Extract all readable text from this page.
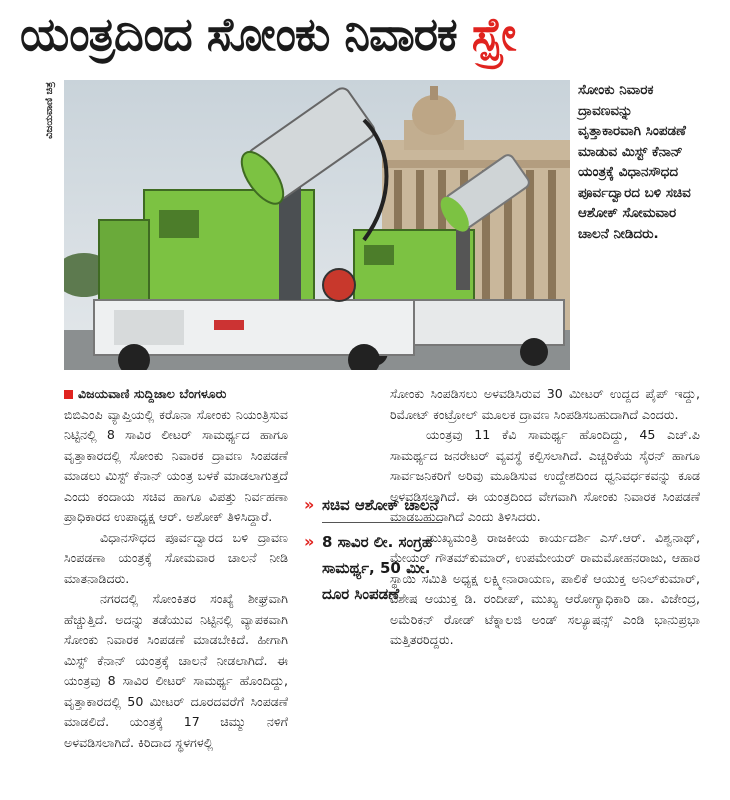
ಯಂತ್ರದಿಂದ ಸೋಂಕು ನಿವಾರಕ ಸ್ಪ್ರೇ
ವಿಜಯವಾಣಿ ಚಿತ್ರ	ಸೋಂಕು ನಿವಾರಕ ದ್ರಾವಣವನ್ನು ವೃತ್ತಾಕಾರವಾಗಿ ಸಿಂಪಡಣೆ ಮಾಡುವ ಮಿಸ್ಟ್ ಕೆನಾನ್ ಯಂತ್ರಕ್ಕೆ ವಿಧಾನಸೌಧದ ಪೂರ್ವದ್ವಾರದ ಬಳಿ ಸಚಿವ ಆಶೋಕ್ ಸೋಮವಾರ ಚಾಲನೆ ನೀಡಿದರು.

ವಿಜಯವಾಣಿ ಸುದ್ದಿಜಾಲ ಬೆಂಗಳೂರು

ಬಿಬಿಎಂಪಿ ವ್ಯಾಪ್ತಿಯಲ್ಲಿ ಕರೊನಾ ಸೋಂಕು ನಿಯಂತ್ರಿಸುವ ನಿಟ್ಟಿನಲ್ಲಿ 8 ಸಾವಿರ ಲೀಟರ್ ಸಾಮರ್ಥ್ಯದ ಹಾಗೂ ವೃತ್ತಾಕಾರದಲ್ಲಿ ಸೋಂಕು ನಿವಾರಕ ದ್ರಾವಣ ಸಿಂಪಡಣೆ ಮಾಡಲು ಮಿಸ್ಟ್ ಕೆನಾನ್ ಯಂತ್ರ ಬಳಕೆ ಮಾಡಲಾಗುತ್ತದೆ ಎಂದು ಕಂದಾಯ ಸಚಿವ ಹಾಗೂ ವಿಪತ್ತು ನಿರ್ವಹಣಾ ಪ್ರಾಧಿಕಾರದ ಉಪಾಧ್ಯಕ್ಷ ಆರ್. ಅಶೋಕ್ ತಿಳಿಸಿದ್ದಾರೆ.

ವಿಧಾನಸೌಧದ ಪೂರ್ವದ್ವಾರದ ಬಳಿ ದ್ರಾವಣ ಸಿಂಪಡಣಾ ಯಂತ್ರಕ್ಕೆ ಸೋಮವಾರ ಚಾಲನೆ ನೀಡಿ ಮಾತನಾಡಿದರು.

ನಗರದಲ್ಲಿ ಸೋಂಕಿತರ ಸಂಖ್ಯೆ ಶೀಘ್ರವಾಗಿ ಹೆಚ್ಚುತ್ತಿದೆ. ಅದನ್ನು ತಡೆಯುವ ನಿಟ್ಟಿನಲ್ಲಿ ವ್ಯಾಪಕವಾಗಿ ಸೋಂಕು ನಿವಾರಕ ಸಿಂಪಡಣೆ ಮಾಡಬೇಕಿದೆ. ಹೀಗಾಗಿ ಮಿಸ್ಟ್ ಕೆನಾನ್ ಯಂತ್ರಕ್ಕೆ ಚಾಲನೆ ನೀಡಲಾಗಿದೆ. ಈ ಯಂತ್ರವು 8 ಸಾವಿರ ಲೀಟರ್ ಸಾಮರ್ಥ್ಯ ಹೊಂದಿದ್ದು, ವೃತ್ತಾಕಾರದಲ್ಲಿ 50 ಮೀಟರ್ ದೂರದವರೆಗೆ ಸಿಂಪಡಣೆ ಮಾಡಲಿದೆ. ಯಂತ್ರಕ್ಕೆ 17 ಚಿಮ್ಮು ನಳಿಗೆ ಅಳವಡಿಸಲಾಗಿದೆ. ಕಿರಿದಾದ ಸ್ಥಳಗಳಲ್ಲಿ

» ಸಚಿವ ಆಶೋಕ್ ಚಾಲನೆ
» 8 ಸಾವಿರ ಲೀ. ಸಂಗ್ರಹ ಸಾಮರ್ಥ್ಯ, 50 ಮೀ. ದೂರ ಸಿಂಪಡಣೆ

ಸೋಂಕು ಸಿಂಪಡಿಸಲು ಅಳವಡಿಸಿರುವ 30 ಮೀಟರ್ ಉದ್ದದ ಪೈಪ್ ಇದ್ದು, ರಿಮೋಟ್ ಕಂಟ್ರೋಲ್ ಮೂಲಕ ದ್ರಾವಣ ಸಿಂಪಡಿಸಬಹುದಾಗಿದೆ ಎಂದರು.

ಯಂತ್ರವು 11 ಕೆವಿ ಸಾಮರ್ಥ್ಯ ಹೊಂದಿದ್ದು, 45 ಎಚ್.ಪಿ ಸಾಮರ್ಥ್ಯದ ಜನರೇಟರ್ ವ್ಯವಸ್ಥೆ ಕಲ್ಪಿಸಲಾಗಿದೆ. ಎಚ್ಚರಿಕೆಯ ಸೈರನ್ ಹಾಗೂ ಸಾರ್ವಜನಿಕರಿಗೆ ಅರಿವು ಮೂಡಿಸುವ ಉದ್ದೇಶದಿಂದ ಧ್ವನಿವರ್ಧಕವನ್ನು ಕೂಡ ಅಳವಡಿಸಲಾಗಿದೆ. ಈ ಯಂತ್ರದಿಂದ ವೇಗವಾಗಿ ಸೋಂಕು ನಿವಾರಕ ಸಿಂಪಡಣೆ ಮಾಡಬಹುದಾಗಿದೆ ಎಂದು ತಿಳಿಸಿದರು.

ಮುಖ್ಯಮಂತ್ರಿ ರಾಜಕೀಯ ಕಾರ್ಯದರ್ಶಿ ಎಸ್.ಆರ್. ವಿಶ್ವನಾಥ್, ಮೇಯರ್ ಗೌತಮ್‌ಕುಮಾರ್, ಉಪಮೇಯರ್ ರಾಮಮೋಹನರಾಜು, ಆಹಾರ ಸ್ಥಾಯಿ ಸಮಿತಿ ಅಧ್ಯಕ್ಷ ಲಕ್ಷ್ಮೀನಾರಾಯಣ, ಪಾಲಿಕೆ ಆಯುಕ್ತ ಅನಿಲ್‌ಕುಮಾರ್, ವಿಶೇಷ ಆಯುಕ್ತ ಡಿ. ರಂದೀಪ್, ಮುಖ್ಯ ಆರೋಗ್ಯಾಧಿಕಾರಿ ಡಾ. ವಿಜೇಂದ್ರ, ಅಮೆರಿಕನ್ ರೋಡ್ ಟೆಕ್ನಾಲಜಿ ಅಂಡ್ ಸಲ್ಯೂಷನ್ಸ್ ಎಂಡಿ ಭಾನುಪ್ರಭಾ ಮತ್ತಿತರರಿದ್ದರು.
